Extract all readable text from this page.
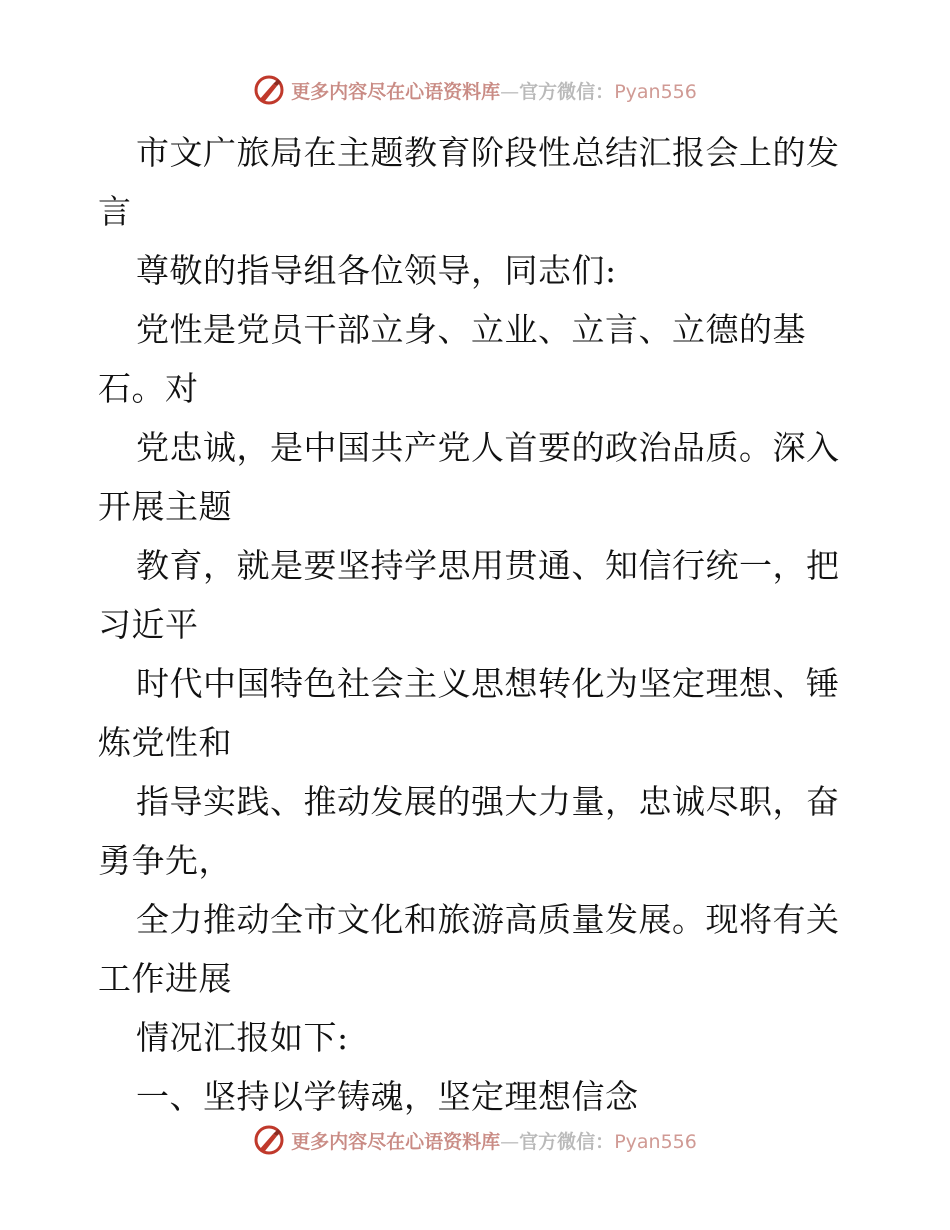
更多内容尽在心语资料库—官方微信：Pyan556
市文广旅局在主题教育阶段性总结汇报会上的发
言
尊敬的指导组各位领导，同志们:
党性是党员干部立身、立业、立言、立德的基
石。对
党忠诚，是中国共产党人首要的政治品质。深入
开展主题
教育，就是要坚持学思用贯通、知信行统一，把
习近平
时代中国特色社会主义思想转化为坚定理想、锤
炼党性和
指导实践、推动发展的强大力量，忠诚尽职，奋
勇争先，
全力推动全市文化和旅游高质量发展。现将有关
工作进展
情况汇报如下:
一、坚持以学铸魂，坚定理想信念
更多内容尽在心语资料库—官方微信：Pyan556
